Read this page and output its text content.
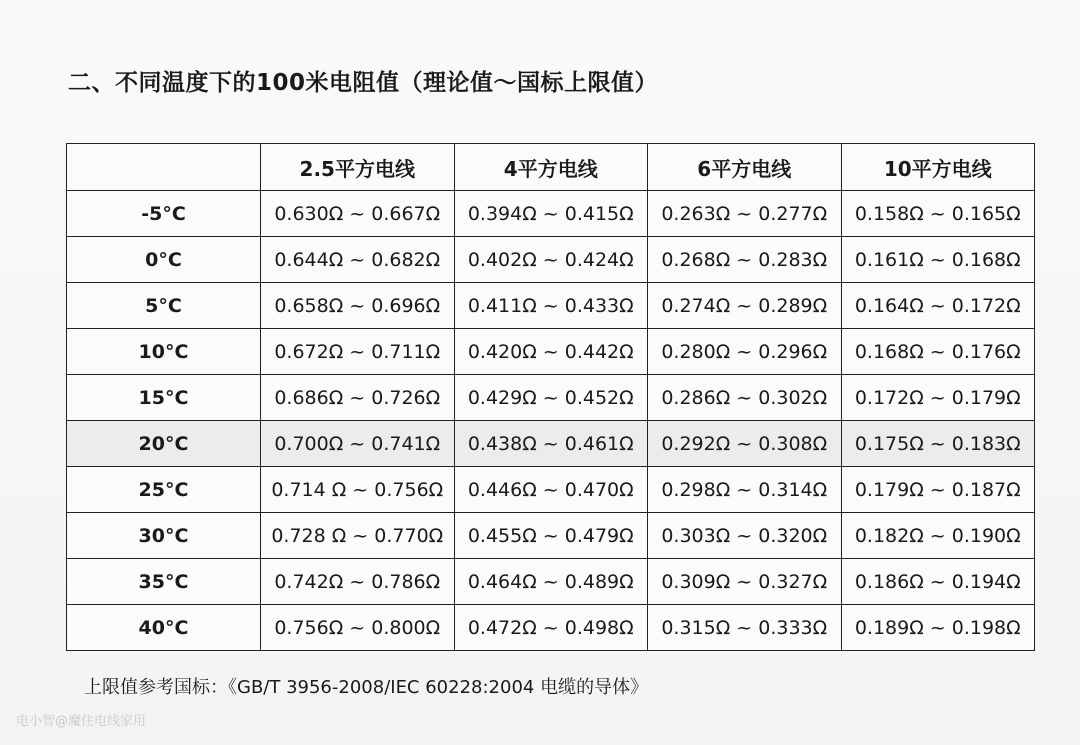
二、不同温度下的100米电阻值（理论值～国标上限值）
	2.5平方电线	4平方电线	6平方电线	10平方电线
-5°C	0.630Ω ~ 0.667Ω	0.394Ω ~ 0.415Ω	0.263Ω ~ 0.277Ω	0.158Ω ~ 0.165Ω
0°C	0.644Ω ~ 0.682Ω	0.402Ω ~ 0.424Ω	0.268Ω ~ 0.283Ω	0.161Ω ~ 0.168Ω
5°C	0.658Ω ~ 0.696Ω	0.411Ω ~ 0.433Ω	0.274Ω ~ 0.289Ω	0.164Ω ~ 0.172Ω
10°C	0.672Ω ~ 0.711Ω	0.420Ω ~ 0.442Ω	0.280Ω ~ 0.296Ω	0.168Ω ~ 0.176Ω
15°C	0.686Ω ~ 0.726Ω	0.429Ω ~ 0.452Ω	0.286Ω ~ 0.302Ω	0.172Ω ~ 0.179Ω
20°C	0.700Ω ~ 0.741Ω	0.438Ω ~ 0.461Ω	0.292Ω ~ 0.308Ω	0.175Ω ~ 0.183Ω
25°C	0.714 Ω ~ 0.756Ω	0.446Ω ~ 0.470Ω	0.298Ω ~ 0.314Ω	0.179Ω ~ 0.187Ω
30°C	0.728 Ω ~ 0.770Ω	0.455Ω ~ 0.479Ω	0.303Ω ~ 0.320Ω	0.182Ω ~ 0.190Ω
35°C	0.742Ω ~ 0.786Ω	0.464Ω ~ 0.489Ω	0.309Ω ~ 0.327Ω	0.186Ω ~ 0.194Ω
40°C	0.756Ω ~ 0.800Ω	0.472Ω ~ 0.498Ω	0.315Ω ~ 0.333Ω	0.189Ω ~ 0.198Ω
上限值参考国标：《GB/T 3956-2008/IEC 60228:2004 电缆的导体》
电小智@魔住电线家用
